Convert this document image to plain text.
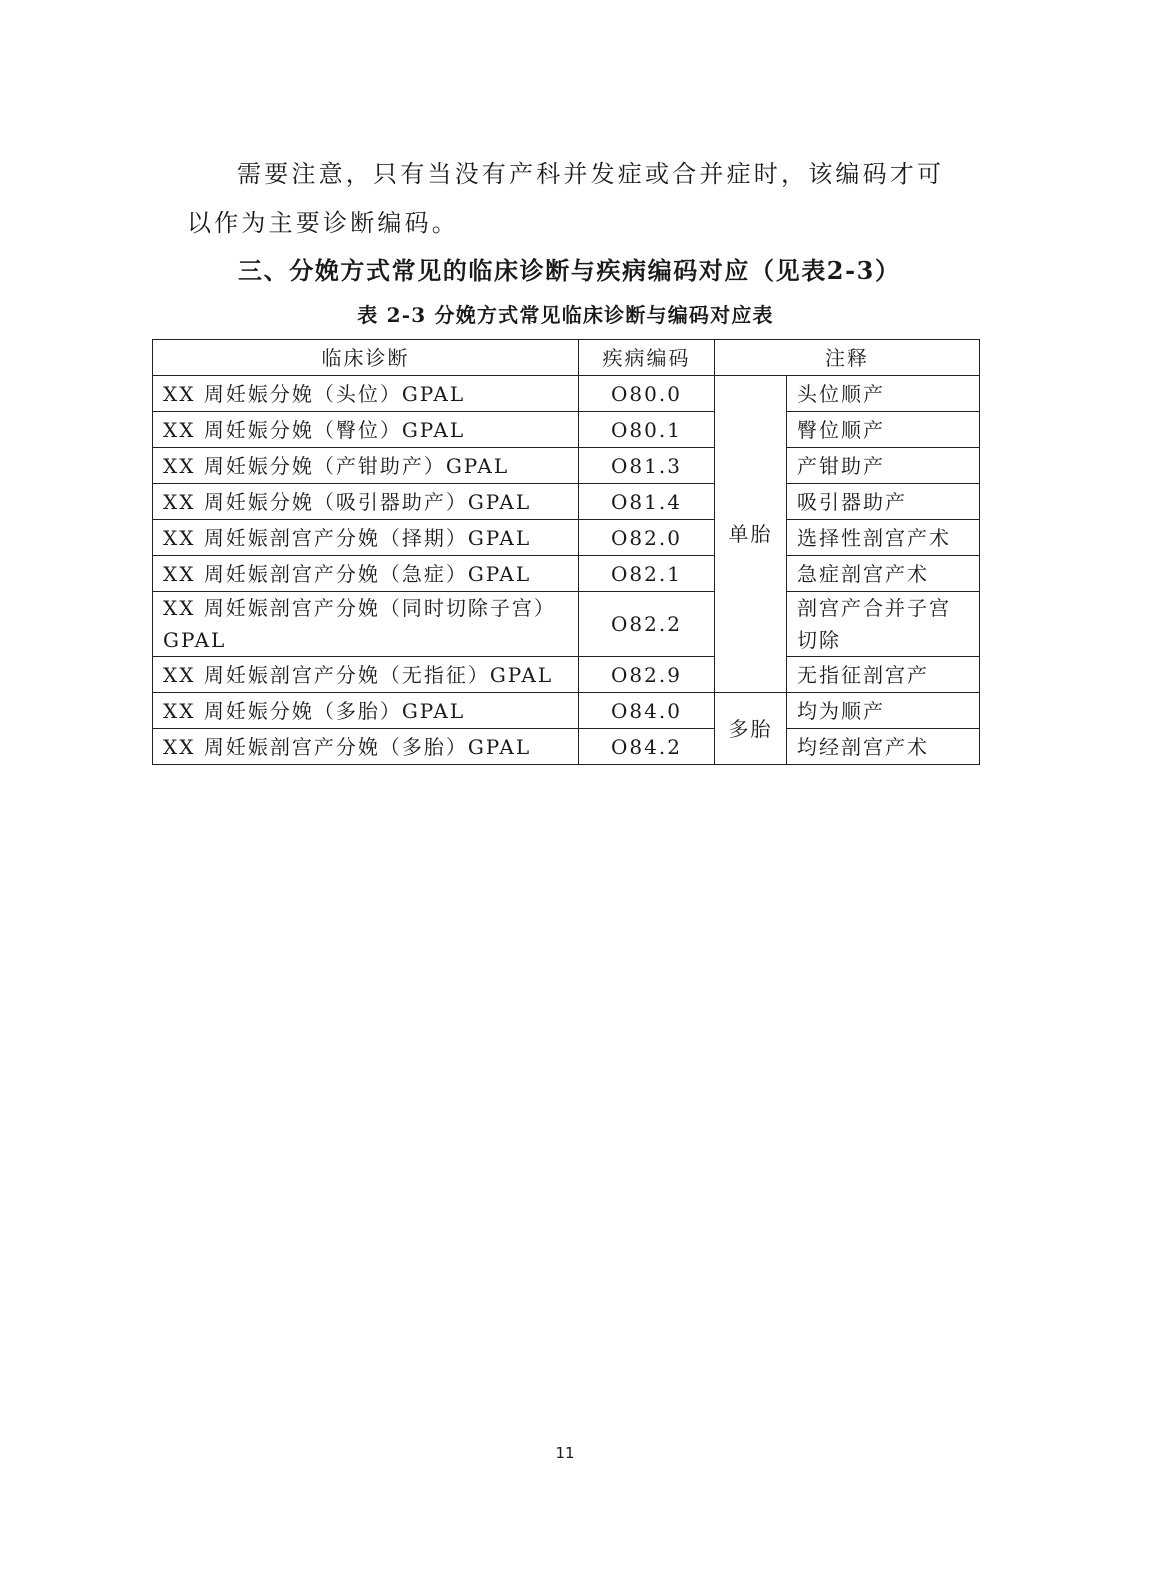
需要注意，只有当没有产科并发症或合并症时，该编码才可以作为主要诊断编码。

三、分娩方式常见的临床诊断与疾病编码对应（见表2-3）
表 2-3 分娩方式常见临床诊断与编码对应表
临床诊断	疾病编码	注释	
XX 周妊娠分娩（头位）GPAL	O80.0	单胎	头位顺产
XX 周妊娠分娩（臀位）GPAL	O80.1		臀位顺产
XX 周妊娠分娩（产钳助产）GPAL	O81.3		产钳助产
XX 周妊娠分娩（吸引器助产）GPAL	O81.4		吸引器助产
XX 周妊娠剖宫产分娩（择期）GPAL	O82.0		选择性剖宫产术
XX 周妊娠剖宫产分娩（急症）GPAL	O82.1		急症剖宫产术
XX 周妊娠剖宫产分娩（同时切除子宫）GPAL	O82.2		剖宫产合并子宫切除
XX 周妊娠剖宫产分娩（无指征）GPAL	O82.9		无指征剖宫产
XX 周妊娠分娩（多胎）GPAL	O84.0	多胎	均为顺产
XX 周妊娠剖宫产分娩（多胎）GPAL	O84.2		均经剖宫产术
11
